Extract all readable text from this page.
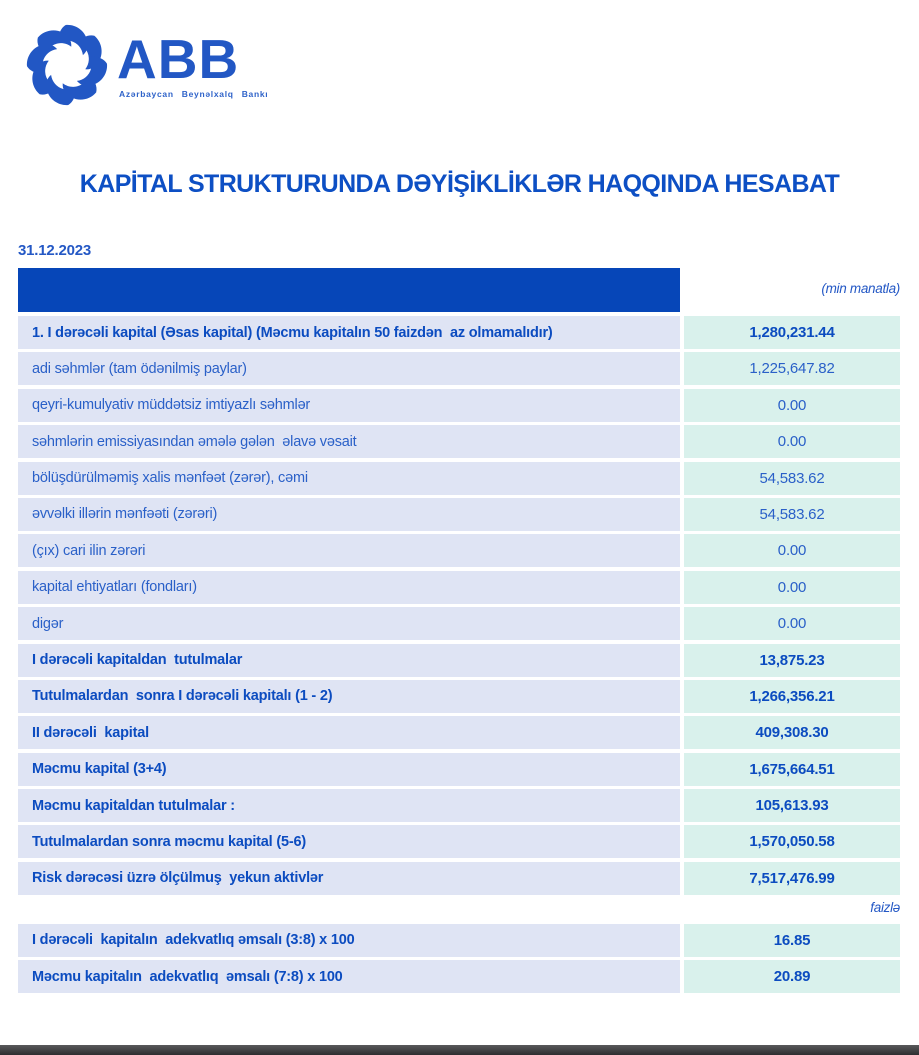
ABB
Azərbaycan Beynəlxalq Bankı
KAPİTAL STRUKTURUNDA DƏYİŞİKLİKLƏR HAQQINDA HESABAT
31.12.2023
(min manatla)
1. I dərəcəli kapital (Əsas kapital) (Məcmu kapitalın 50 faizdən  az olmamalıdır)	1,280,231.44
adi səhmlər (tam ödənilmiş paylar)	1,225,647.82
qeyri-kumulyativ müddətsiz imtiyazlı səhmlər	0.00
səhmlərin emissiyasından əmələ gələn  əlavə vəsait	0.00
bölüşdürülməmiş xalis mənfəət (zərər), cəmi	54,583.62
əvvəlki illərin mənfəəti (zərəri)	54,583.62
(çıx) cari ilin zərəri	0.00
kapital ehtiyatları (fondları)	0.00
digər	0.00
I dərəcəli kapitaldan  tutulmalar	13,875.23
Tutulmalardan  sonra I dərəcəli kapitalı (1 - 2)	1,266,356.21
II dərəcəli  kapital	409,308.30
Məcmu kapital (3+4)	1,675,664.51
Məcmu kapitaldan tutulmalar :	105,613.93
Tutulmalardan sonra məcmu kapital (5-6)	1,570,050.58
Risk dərəcəsi üzrə ölçülmuş  yekun aktivlər	7,517,476.99
faizlə
I dərəcəli  kapitalın  adekvatlıq əmsalı (3:8) x 100	16.85
Məcmu kapitalın  adekvatlıq  əmsalı (7:8) x 100	20.89
